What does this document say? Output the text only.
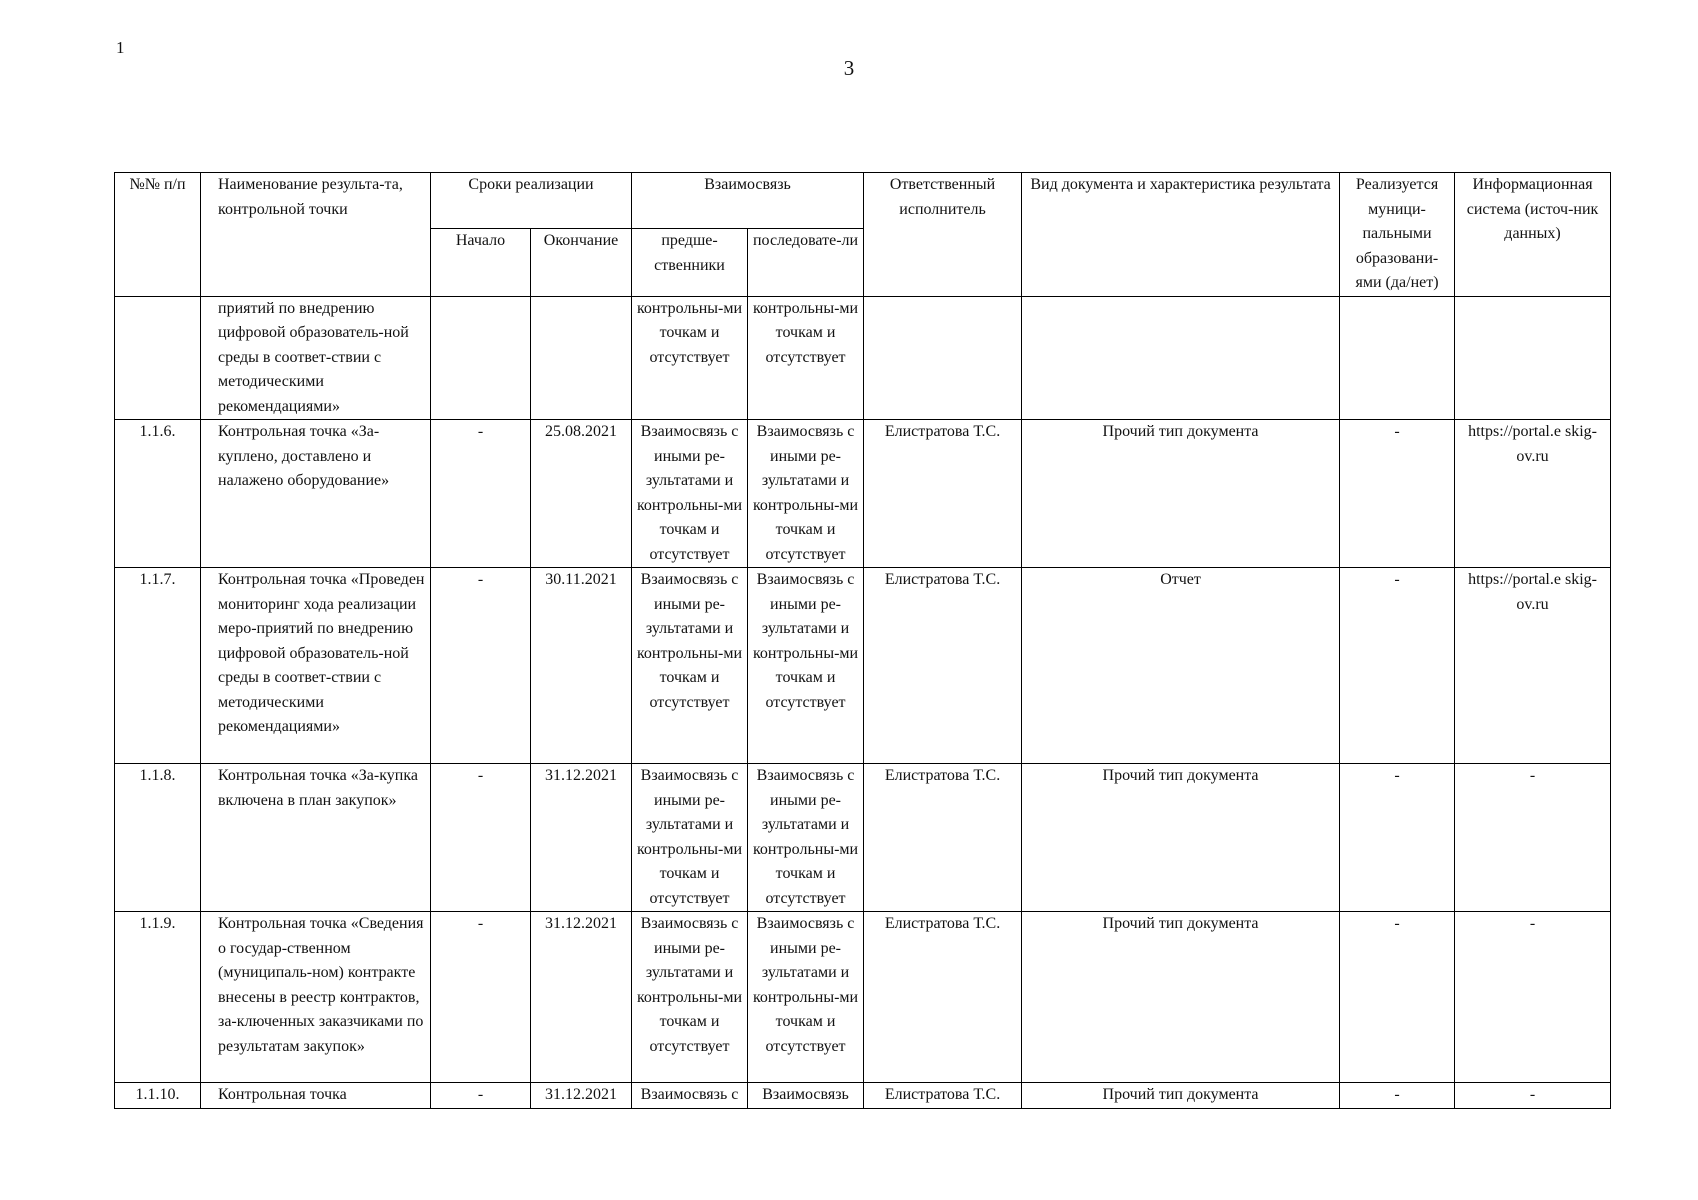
1
3
№№ п/п	Наименование результа-та, контрольной точки	Сроки реализации		Взаимосвязь		Ответственный исполнитель	Вид документа и характеристика результата	Реализуется муници-пальными образовани-ями (да/нет)	Информационная система (источ-ник данных)
		Начало	Окончание	предше-ственники	последовате-ли				
	приятий по внедрению цифровой образователь-ной среды в соответ-ствии с методическими рекомендациями»			контрольны-ми точкам и отсутствует	контрольны-ми точкам и отсутствует				
1.1.6.	Контрольная точка «За-куплено, доставлено и налажено оборудование»	-	25.08.2021	Взаимосвязь с иными ре-зультатами и контрольны-ми точкам и отсутствует	Взаимосвязь с иными ре-зультатами и контрольны-ми точкам и отсутствует	Елистратова Т.С.	Прочий тип документа	-	https://portal.e skig-ov.ru
1.1.7.	Контрольная точка «Проведен мониторинг хода реализации меро-приятий по внедрению цифровой образователь-ной среды в соответ-ствии с методическими рекомендациями»	-	30.11.2021	Взаимосвязь с иными ре-зультатами и контрольны-ми точкам и отсутствует	Взаимосвязь с иными ре-зультатами и контрольны-ми точкам и отсутствует	Елистратова Т.С.	Отчет	-	https://portal.e skig-ov.ru
1.1.8.	Контрольная точка «За-купка включена в план закупок»	-	31.12.2021	Взаимосвязь с иными ре-зультатами и контрольны-ми точкам и отсутствует	Взаимосвязь с иными ре-зультатами и контрольны-ми точкам и отсутствует	Елистратова Т.С.	Прочий тип документа	-	-
1.1.9.	Контрольная точка «Сведения о государ-ственном (муниципаль-ном) контракте внесены в реестр контрактов, за-ключенных заказчиками по результатам закупок»	-	31.12.2021	Взаимосвязь с иными ре-зультатами и контрольны-ми точкам и отсутствует	Взаимосвязь с иными ре-зультатами и контрольны-ми точкам и отсутствует	Елистратова Т.С.	Прочий тип документа	-	-
1.1.10.	Контрольная точка	-	31.12.2021	Взаимосвязь с	Взаимосвязь	Елистратова Т.С.	Прочий тип документа	-	-
